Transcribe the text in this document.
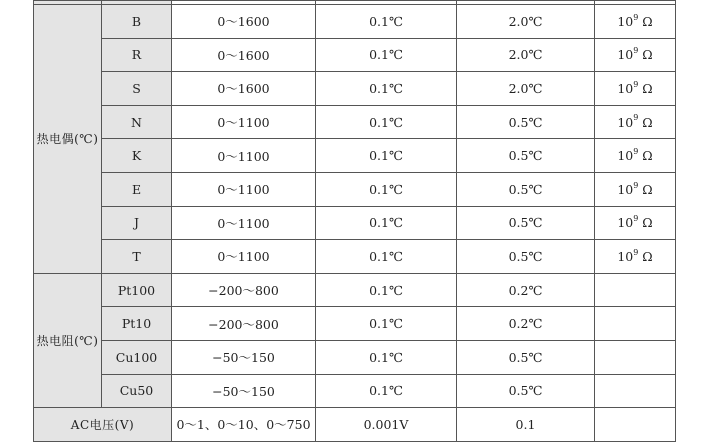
热电偶(℃)	B	0～1600	0.1℃	2.0℃	$10^9$ Ω
	R	0～1600	0.1℃	2.0℃	$10^9$ Ω
	S	0～1600	0.1℃	2.0℃	$10^9$ Ω
	N	0～1100	0.1℃	0.5℃	$10^9$ Ω
	K	0～1100	0.1℃	0.5℃	$10^9$ Ω
	E	0～1100	0.1℃	0.5℃	$10^9$ Ω
	J	0～1100	0.1℃	0.5℃	$10^9$ Ω
	T	0～1100	0.1℃	0.5℃	$10^9$ Ω
热电阻(℃)	Pt100	−200～800	0.1℃	0.2℃	
	Pt10	−200～800	0.1℃	0.2℃	
	Cu100	−50～150	0.1℃	0.5℃	
	Cu50	−50～150	0.1℃	0.5℃	
AC电压(V)		0～1、0～10、0～750	0.001V	0.1	
